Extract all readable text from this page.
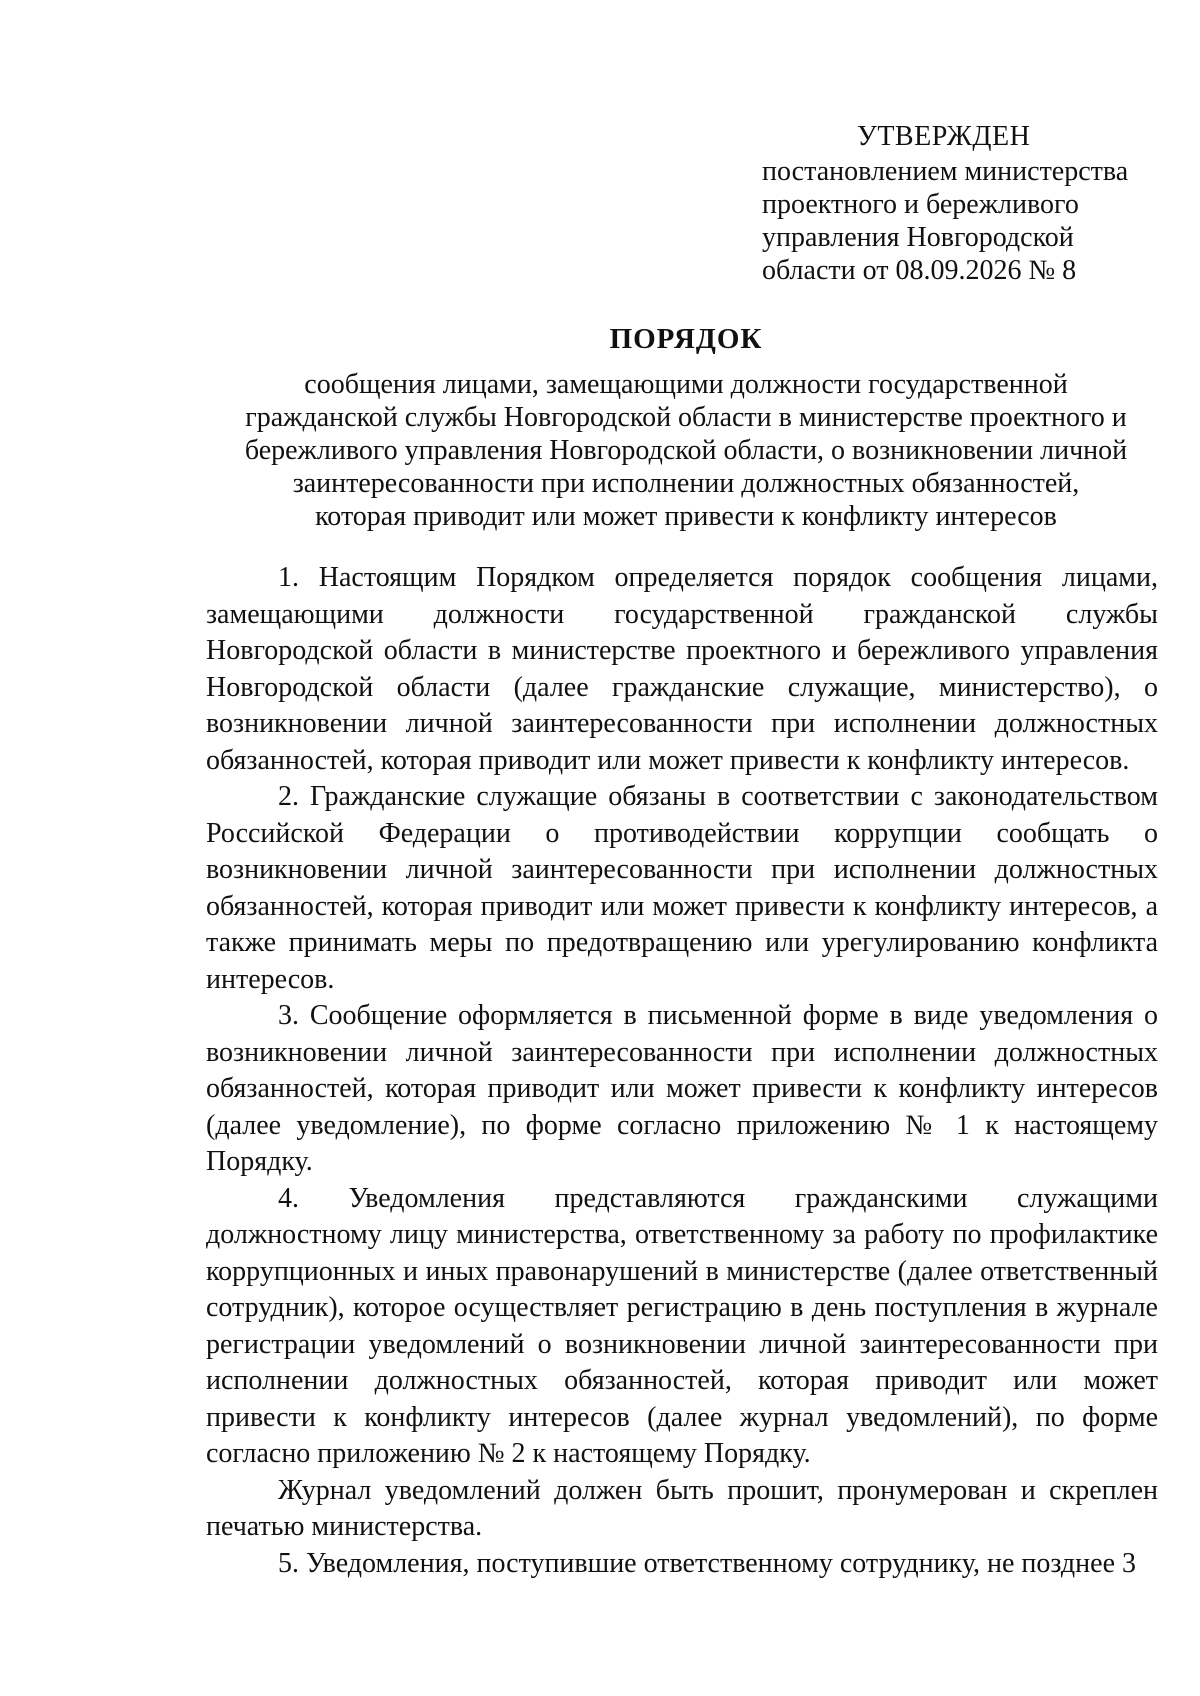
УТВЕРЖДЕН
постановлением министерства
проектного и бережливого
управления Новгородской
области от 08.09.2026 № 8
ПОРЯДОК
сообщения лицами, замещающими должности государственной
гражданской службы Новгородской области в министерстве проектного и
бережливого управления Новгородской области, о возникновении личной
заинтересованности при исполнении должностных обязанностей,
которая приводит или может привести к конфликту интересов

1. Настоящим Порядком определяется порядок сообщения лицами, замещающими должности государственной гражданской службы Новгородской области в министерстве проектного и бережливого управления Новгородской области (далее гражданские служащие, министерство), о возникновении личной заинтересованности при исполнении должностных обязанностей, которая приводит или может привести к конфликту интересов.

2. Гражданские служащие обязаны в соответствии с законодательством Российской Федерации о противодействии коррупции сообщать о возникновении личной заинтересованности при исполнении должностных обязанностей, которая приводит или может привести к конфликту интересов, а также принимать меры по предотвращению или урегулированию конфликта интересов.

3. Сообщение оформляется в письменной форме в виде уведомления о возникновении личной заинтересованности при исполнении должностных обязанностей, которая приводит или может привести к конфликту интересов (далее уведомление), по форме согласно приложению № 1 к настоящему Порядку.

4. Уведомления представляются гражданскими служащими должностному лицу министерства, ответственному за работу по профилактике коррупционных и иных правонарушений в министерстве (далее ответственный сотрудник), которое осуществляет регистрацию в день поступления в журнале регистрации уведомлений о возникновении личной заинтересованности при исполнении должностных обязанностей, которая приводит или может привести к конфликту интересов (далее журнал уведомлений), по форме согласно приложению № 2 к настоящему Порядку.

Журнал уведомлений должен быть прошит, пронумерован и скреплен печатью министерства.

5. Уведомления, поступившие ответственному сотруднику, не позднее 3
